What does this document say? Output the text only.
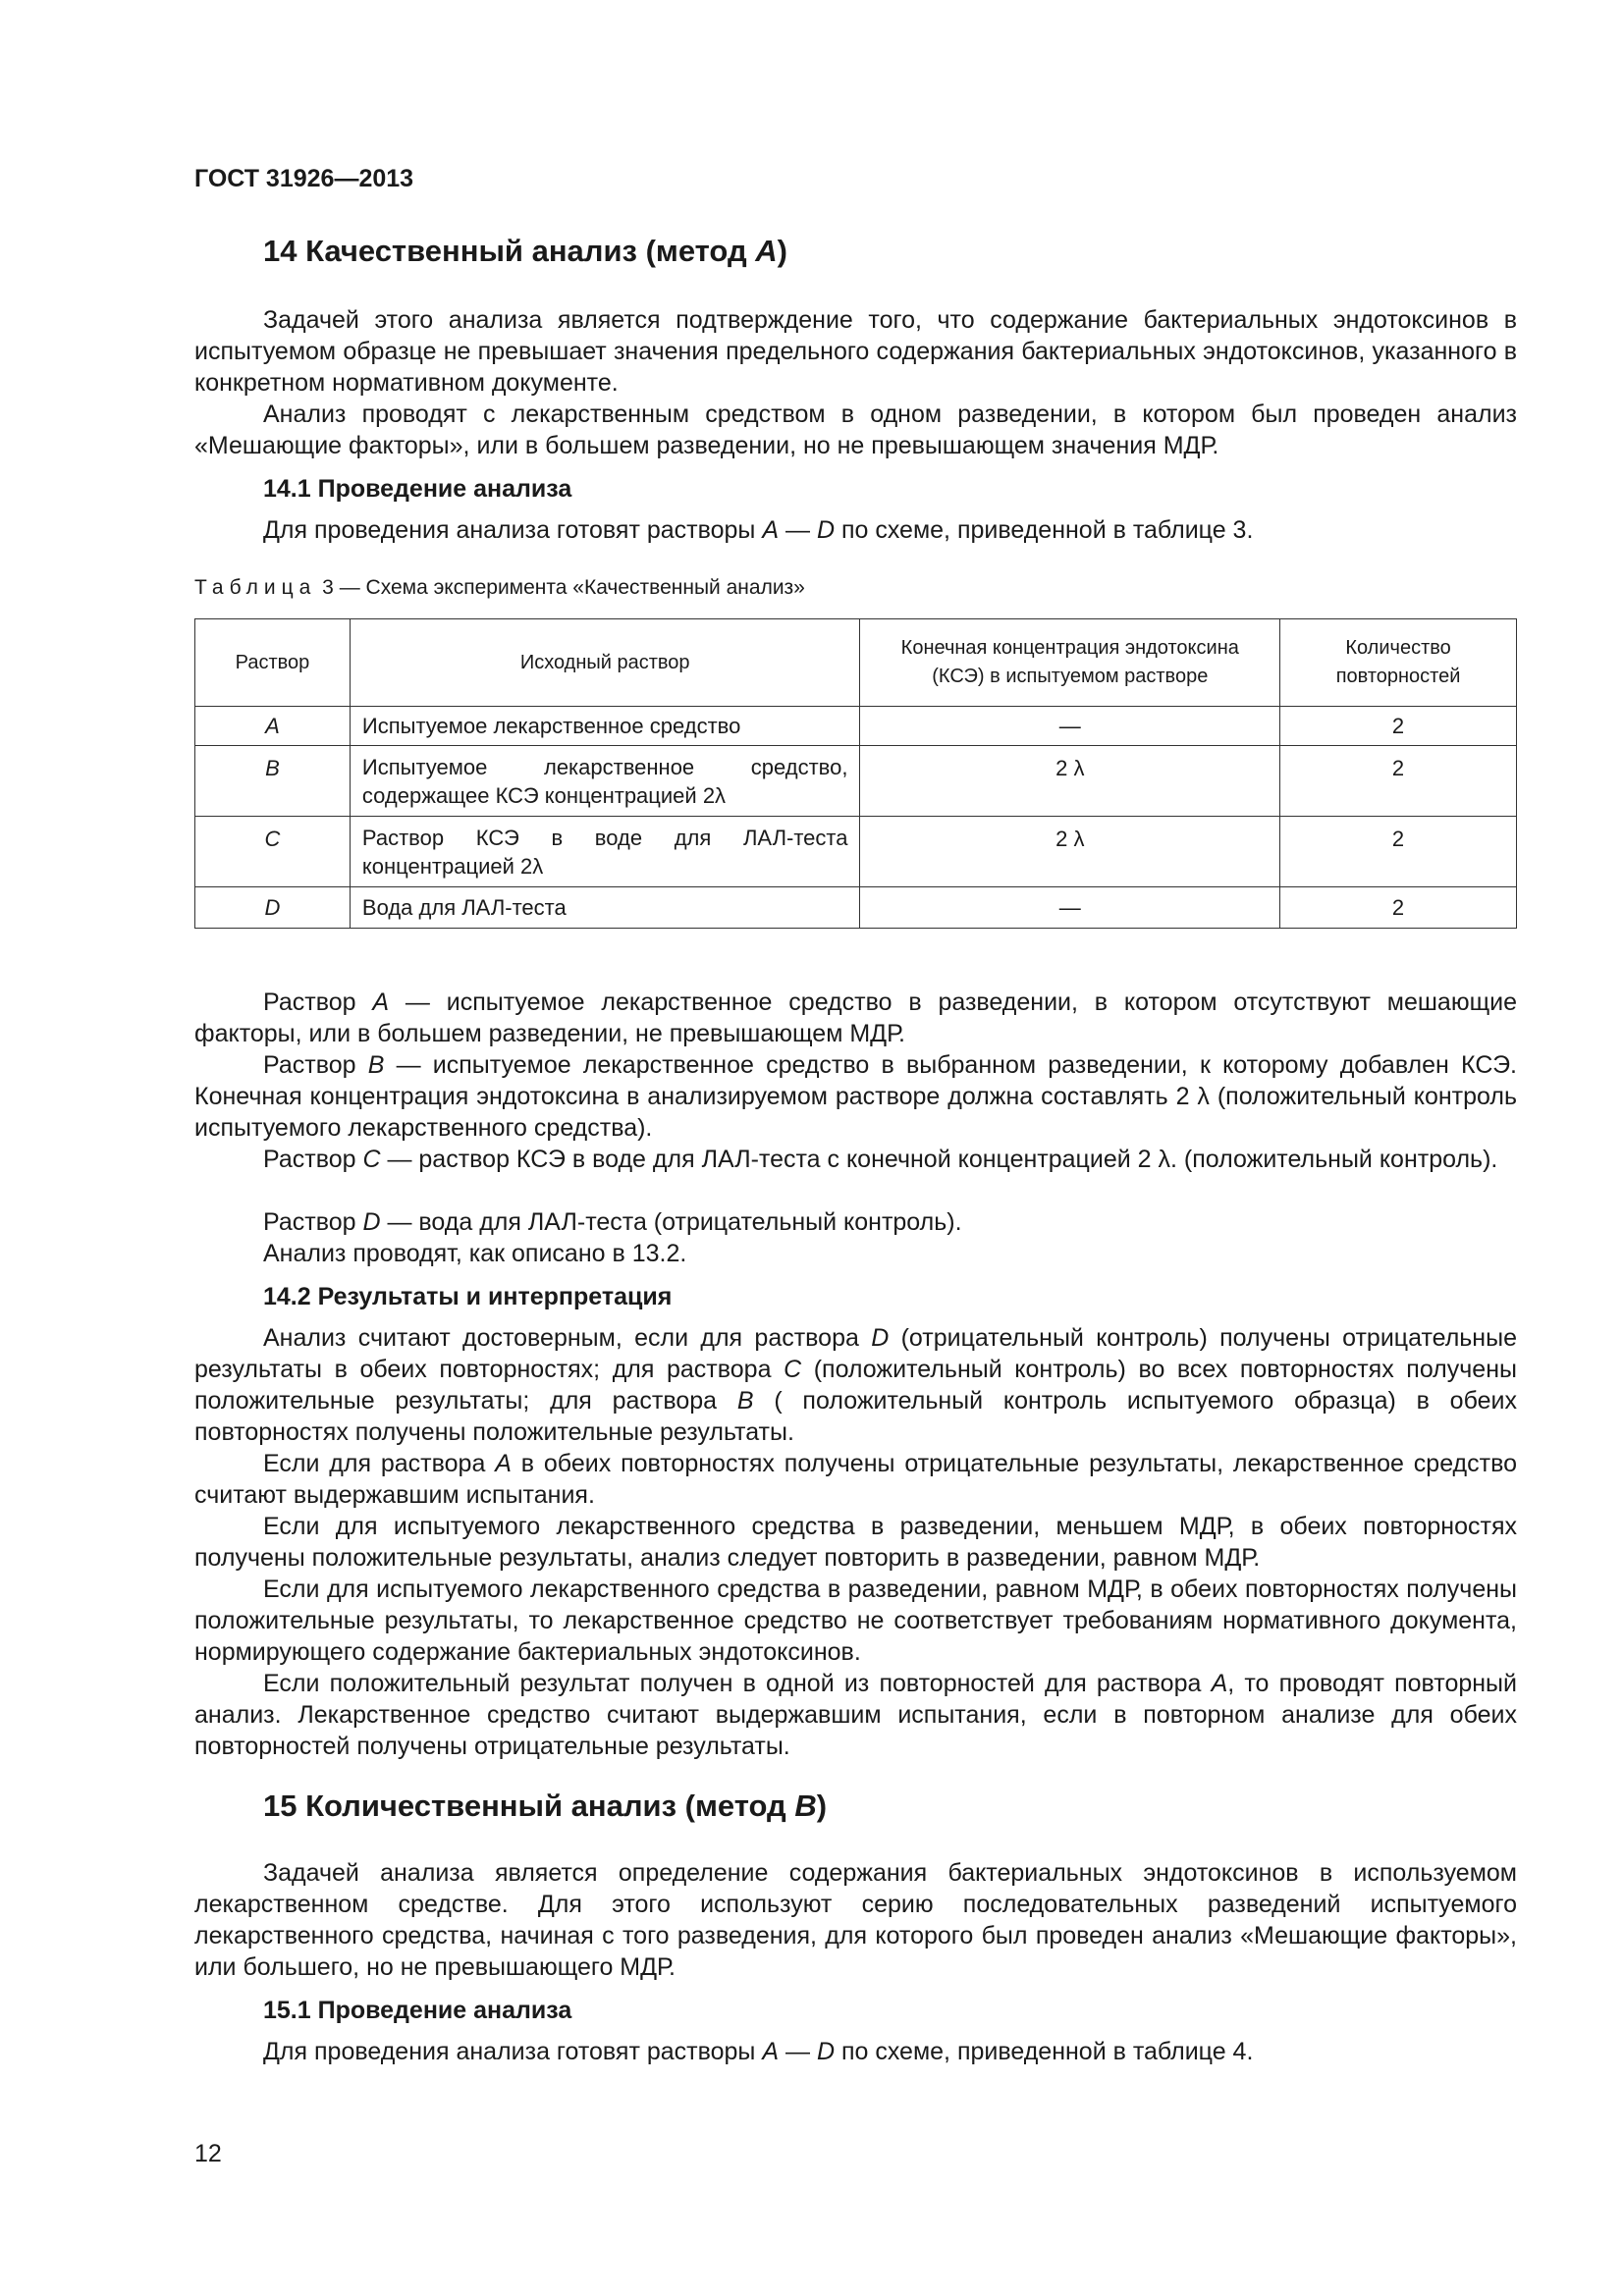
ГОСТ 31926—2013

14 Качественный анализ (метод А)

Задачей этого анализа является подтверждение того, что содержание бактериальных эндотоксинов в испытуемом образце не превышает значения предельного содержания бактериальных эндотоксинов, указанного в конкретном нормативном документе.

Анализ проводят с лекарственным средством в одном разведении, в котором был проведен анализ «Мешающие факторы», или в большем разведении, но не превышающем значения МДР.

14.1 Проведение анализа

Для проведения анализа готовят растворы А — D по схеме, приведенной в таблице 3.

Таблица 3 — Схема эксперимента «Качественный анализ»

Раствор	Исходный раствор	Конечная концентрация эндотоксина (КСЭ) в испытуемом растворе	Количество повторностей
A	Испытуемое лекарственное средство	—	2
B	Испытуемое лекарственное средство, содержащее КСЭ концентрацией 2λ	2 λ	2
C	Раствор КСЭ в воде для ЛАЛ-теста концентрацией 2λ	2 λ	2
D	Вода для ЛАЛ-теста	—	2

Раствор А — испытуемое лекарственное средство в разведении, в котором отсутствуют мешающие факторы, или в большем разведении, не превышающем МДР.

Раствор В — испытуемое лекарственное средство в выбранном разведении, к которому добавлен КСЭ. Конечная концентрация эндотоксина в анализируемом растворе должна составлять 2 λ (положительный контроль испытуемого лекарственного средства).

Раствор С — раствор КСЭ в воде для ЛАЛ-теста с конечной концентрацией 2 λ. (положительный контроль).

Раствор D — вода для ЛАЛ-теста (отрицательный контроль).

Анализ проводят, как описано в 13.2.

14.2 Результаты и интерпретация

Анализ считают достоверным, если для раствора D (отрицательный контроль) получены отрицательные результаты в обеих повторностях; для раствора С (положительный контроль) во всех повторностях получены положительные результаты; для раствора В ( положительный контроль испытуемого образца) в обеих повторностях получены положительные результаты.

Если для раствора А в обеих повторностях получены отрицательные результаты, лекарственное средство считают выдержавшим испытания.

Если для испытуемого лекарственного средства в разведении, меньшем МДР, в обеих повторностях получены положительные результаты, анализ следует повторить в разведении, равном МДР.

Если для испытуемого лекарственного средства в разведении, равном МДР, в обеих повторностях получены положительные результаты, то лекарственное средство не соответствует требованиям нормативного документа, нормирующего содержание бактериальных эндотоксинов.

Если положительный результат получен в одной из повторностей для раствора А, то проводят повторный анализ. Лекарственное средство считают выдержавшим испытания, если в повторном анализе для обеих повторностей получены отрицательные результаты.

15 Количественный анализ (метод В)

Задачей анализа является определение содержания бактериальных эндотоксинов в используемом лекарственном средстве. Для этого используют серию последовательных разведений испытуемого лекарственного средства, начиная с того разведения, для которого был проведен анализ «Мешающие факторы», или большего, но не превышающего МДР.

15.1 Проведение анализа

Для проведения анализа готовят растворы А — D по схеме, приведенной в таблице 4.

12
